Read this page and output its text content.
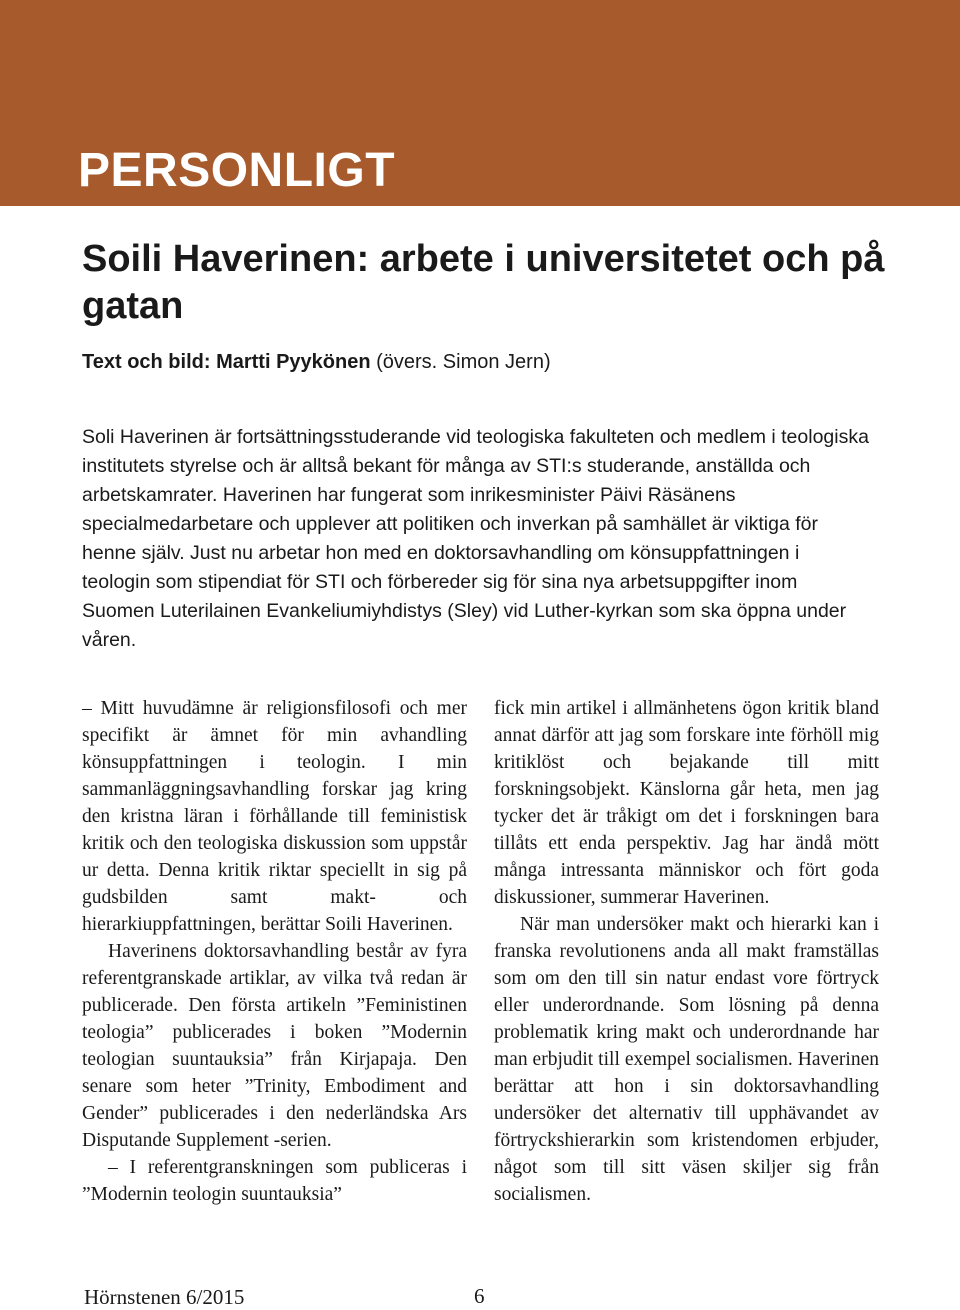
PERSONLIGT
Soili Haverinen: arbete i universitetet och på gatan

Text och bild: Martti Pyykönen (övers. Simon Jern)

Soli Haverinen är fortsättningsstuderande vid teologiska fakulteten och medlem i teologiska institutets styrelse och är alltså bekant för många av STI:s studerande, anställda och arbetskamrater. Haverinen har fungerat som inrikesminister Päivi Räsänens specialmedarbetare och upplever att politiken och inverkan på samhället är viktiga för henne själv. Just nu arbetar hon med en doktorsavhandling om könsuppfattningen i teologin som stipendiat för STI och förbereder sig för sina nya arbetsuppgifter inom Suomen Luterilainen Evankeliumiyhdistys (Sley) vid Luther-kyrkan som ska öppna under våren.

– Mitt huvudämne är religionsfilosofi och mer specifikt är ämnet för min avhandling könsuppfattningen i teologin. I min sammanläggningsavhandling forskar jag kring den kristna läran i förhållande till feministisk kritik och den teologiska diskussion som uppstår ur detta. Denna kritik riktar speciellt in sig på gudsbilden samt makt- och hierarkiuppfattningen, berättar Soili Haverinen.

Haverinens doktorsavhandling består av fyra referentgranskade artiklar, av vilka två redan är publicerade. Den första artikeln ”Feministinen teologia” publicerades i boken ”Modernin teologian suuntauksia” från Kirjapaja. Den senare som heter ”Trinity, Embodiment and Gender” publicerades i den nederländska Ars Disputande Supplement -serien.

– I referentgranskningen som publiceras i ”Modernin teologin suuntauksia”

fick min artikel i allmänhetens ögon kritik bland annat därför att jag som forskare inte förhöll mig kritiklöst och bejakande till mitt forskningsobjekt. Känslorna går heta, men jag tycker det är tråkigt om det i forskningen bara tillåts ett enda perspektiv. Jag har ändå mött många intressanta människor och fört goda diskussioner, summerar Haverinen.

När man undersöker makt och hierarki kan i franska revolutionens anda all makt framställas som om den till sin natur endast vore förtryck eller underordnande. Som lösning på denna problematik kring makt och underordnande har man erbjudit till exempel socialismen. Haverinen berättar att hon i sin doktorsavhandling undersöker det alternativ till upphävandet av förtryckshierarkin som kristendomen erbjuder, något som till sitt väsen skiljer sig från socialismen.

Hörnstenen 6/2015	6
